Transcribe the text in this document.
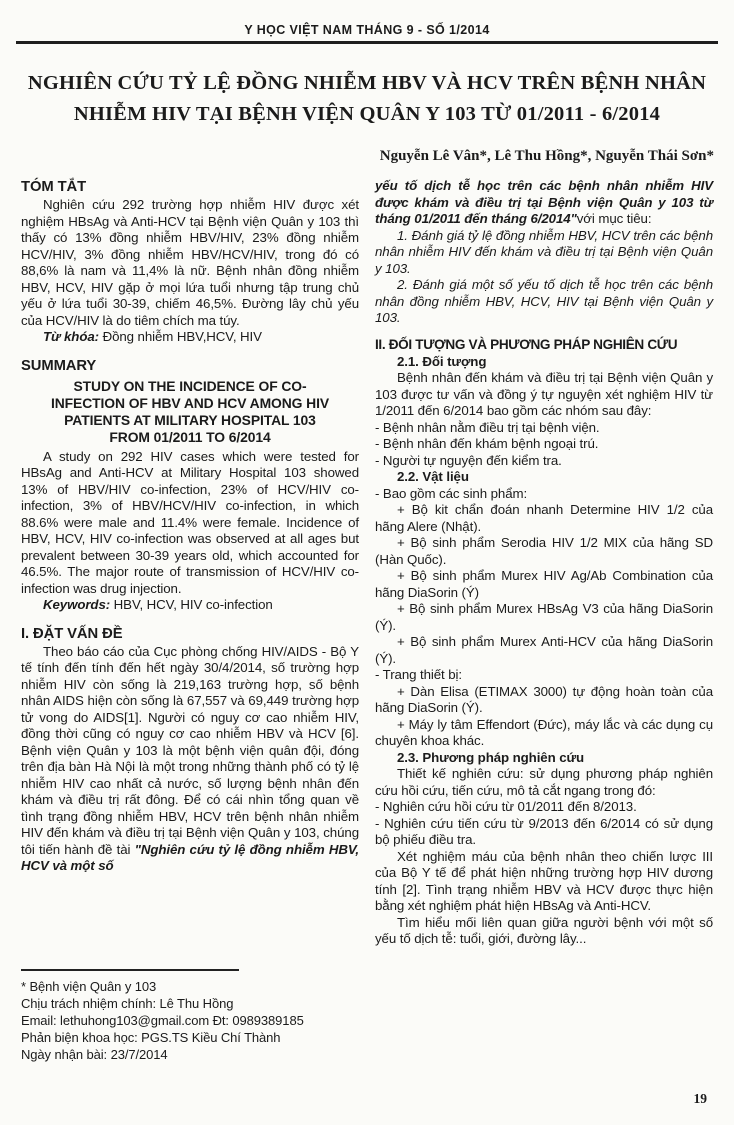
Y HỌC VIỆT NAM THÁNG 9 - SỐ 1/2014
NGHIÊN CỨU TỶ LỆ ĐỒNG NHIỄM HBV VÀ HCV TRÊN BỆNH NHÂN
NHIỄM HIV TẠI BỆNH VIỆN QUÂN Y 103 TỪ 01/2011 - 6/2014
Nguyễn Lê Vân*, Lê Thu Hồng*, Nguyễn Thái Sơn*

TÓM TẮT

Nghiên cứu 292 trường hợp nhiễm HIV được xét nghiệm HBsAg và Anti-HCV tại Bệnh viện Quân y 103 thì thấy có 13% đồng nhiễm HBV/HIV, 23% đồng nhiễm HCV/HIV, 3% đồng nhiễm HBV/HCV/HIV, trong đó có 88,6% là nam và 11,4% là nữ. Bệnh nhân đồng nhiễm HBV, HCV, HIV gặp ở mọi lứa tuổi nhưng tập trung chủ yếu ở lứa tuổi 30-39, chiếm 46,5%. Đường lây chủ yếu của HCV/HIV là do tiêm chích ma túy.

Từ khóa: Đồng nhiễm HBV,HCV, HIV

SUMMARY

STUDY ON THE INCIDENCE OF CO-
INFECTION OF HBV AND HCV AMONG HIV
PATIENTS AT MILITARY HOSPITAL 103
FROM 01/2011 TO 6/2014

A study on 292 HIV cases which were tested for HBsAg and Anti-HCV at Military Hospital 103 showed 13% of HBV/HIV co-infection, 23% of HCV/HIV co-infection, 3% of HBV/HCV/HIV co-infection, in which 88.6% were male and 11.4% were female. Incidence of HBV, HCV, HIV co-infection was observed at all ages but prevalent between 30-39 years old, which accounted for 46.5%. The major route of transmission of HCV/HIV co-infection was drug injection.

Keywords: HBV, HCV, HIV co-infection

I. ĐẶT VẤN ĐỀ

Theo báo cáo của Cục phòng chống HIV/AIDS - Bộ Y tế tính đến tính đến hết ngày 30/4/2014, số trường hợp nhiễm HIV còn sống là 219,163 trường hợp, số bệnh nhân AIDS hiện còn sống là 67,557 và 69,449 trường hợp tử vong do AIDS[1]. Người có nguy cơ cao nhiễm HIV, đồng thời cũng có nguy cơ cao nhiễm HBV và HCV [6]. Bệnh viện Quân y 103 là một bệnh viện quân đội, đóng trên địa bàn Hà Nội là một trong những thành phố có tỷ lệ nhiễm HIV cao nhất cả nước, số lượng bệnh nhân đến khám và điều trị rất đông. Để có cái nhìn tổng quan về tình trạng đồng nhiễm HBV, HCV trên bệnh nhân nhiễm HIV đến khám và điều trị tại Bệnh viện Quân y 103, chúng tôi tiến hành đề tài "Nghiên cứu tỷ lệ đồng nhiễm HBV, HCV và một số

* Bệnh viện Quân y 103

Chịu trách nhiệm chính: Lê Thu Hồng

Email: lethuhong103@gmail.com Đt: 0989389185

Phản biện khoa học: PGS.TS Kiều Chí Thành

Ngày nhận bài: 23/7/2014

yếu tố dịch tễ học trên các bệnh nhân nhiễm HIV được khám và điều trị tại Bệnh viện Quân y 103 từ tháng 01/2011 đến tháng 6/2014"với mục tiêu:

1. Đánh giá tỷ lệ đồng nhiễm HBV, HCV trên các bệnh nhân nhiễm HIV đến khám và điều trị tại Bệnh viện Quân y 103.

2. Đánh giá một số yếu tố dịch tễ học trên các bệnh nhân đồng nhiễm HBV, HCV, HIV tại Bệnh viện Quân y 103.

II. ĐỐI TƯỢNG VÀ PHƯƠNG PHÁP NGHIÊN CỨU

2.1. Đối tượng

Bệnh nhân đến khám và điều trị tại Bệnh viện Quân y 103 được tư vấn và đồng ý tự nguyện xét nghiệm HIV từ 1/2011 đến 6/2014 bao gồm các nhóm sau đây:

- Bệnh nhân nằm điều trị tại bệnh viện.

- Bệnh nhân đến khám bệnh ngoại trú.

- Người tự nguyện đến kiểm tra.

2.2. Vật liệu

- Bao gồm các sinh phẩm:

+ Bộ kit chẩn đoán nhanh Determine HIV 1/2 của hãng Alere (Nhật).

+ Bộ sinh phẩm Serodia HIV 1/2 MIX của hãng SD (Hàn Quốc).

+ Bộ sinh phẩm Murex HIV Ag/Ab Combination của hãng DiaSorin (Ý)

+ Bộ sinh phẩm Murex HBsAg V3 của hãng DiaSorin (Ý).

+ Bộ sinh phẩm Murex Anti-HCV của hãng DiaSorin (Ý).

- Trang thiết bị:

+ Dàn Elisa (ETIMAX 3000) tự động hoàn toàn của hãng DiaSorin (Ý).

+ Máy ly tâm Effendort (Đức), máy lắc và các dụng cụ chuyên khoa khác.

2.3. Phương pháp nghiên cứu

Thiết kế nghiên cứu: sử dụng phương pháp nghiên cứu hồi cứu, tiến cứu, mô tả cắt ngang trong đó:

- Nghiên cứu hồi cứu từ 01/2011 đến 8/2013.

- Nghiên cứu tiến cứu từ 9/2013 đến 6/2014 có sử dụng bộ phiếu điều tra.

Xét nghiệm máu của bệnh nhân theo chiến lược III của Bộ Y tế để phát hiện những trường hợp HIV dương tính [2]. Tình trạng nhiễm HBV và HCV được thực hiện bằng xét nghiệm phát hiện HBsAg và Anti-HCV.

Tìm hiểu mối liên quan giữa người bệnh với một số yếu tố dịch tễ: tuổi, giới, đường lây...

19
